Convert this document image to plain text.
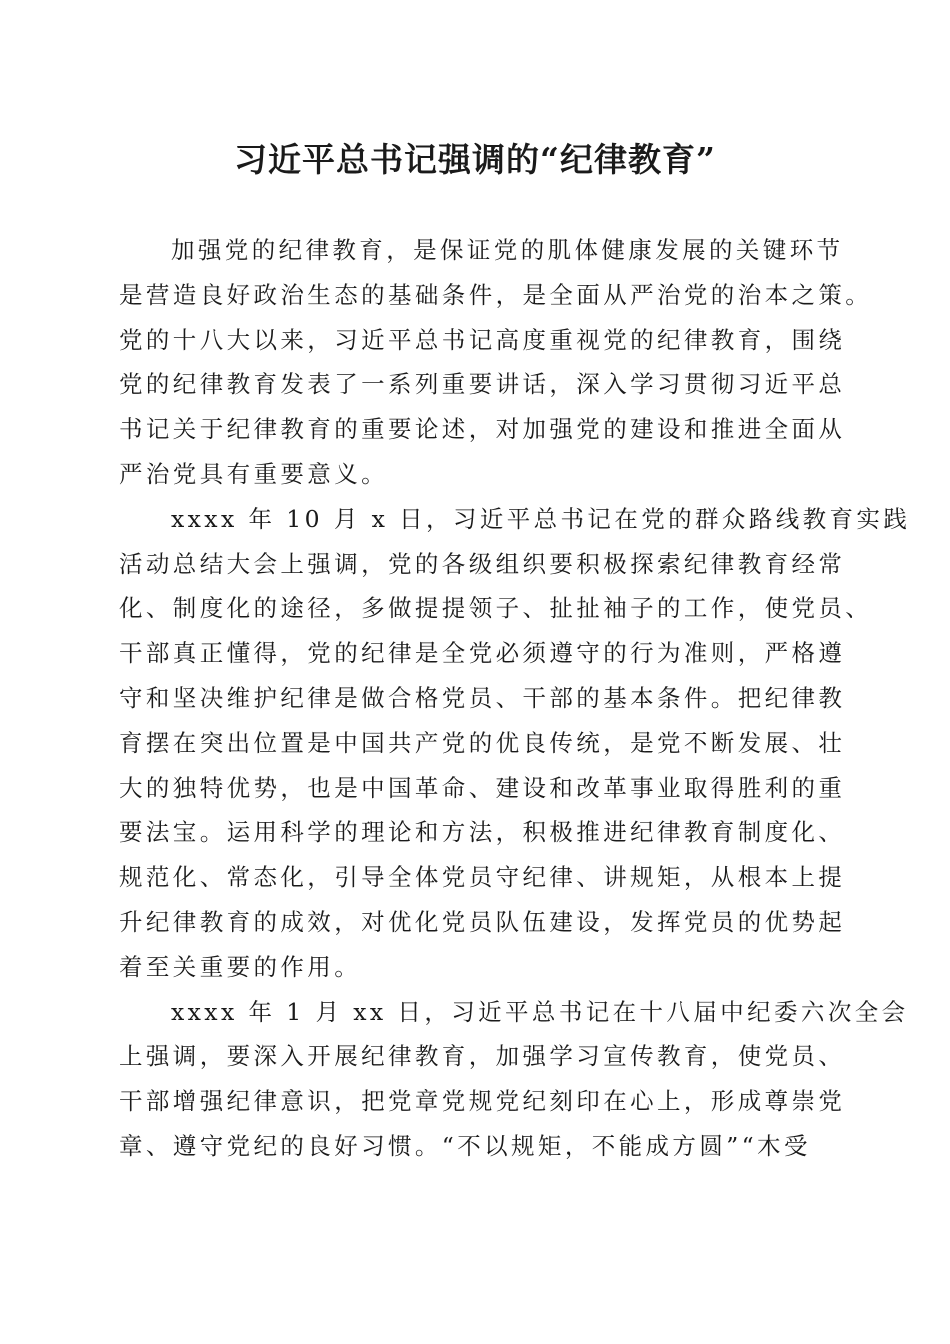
习近平总书记强调的“纪律教育”
加强党的纪律教育，是保证党的肌体健康发展的关键环节
是营造良好政治生态的基础条件，是全面从严治党的治本之策。
党的十八大以来，习近平总书记高度重视党的纪律教育，围绕
党的纪律教育发表了一系列重要讲话，深入学习贯彻习近平总
书记关于纪律教育的重要论述，对加强党的建设和推进全面从
严治党具有重要意义。
xxxx 年 10 月 x 日，习近平总书记在党的群众路线教育实践
活动总结大会上强调，党的各级组织要积极探索纪律教育经常
化、制度化的途径，多做提提领子、扯扯袖子的工作，使党员、
干部真正懂得，党的纪律是全党必须遵守的行为准则，严格遵
守和坚决维护纪律是做合格党员、干部的基本条件。把纪律教
育摆在突出位置是中国共产党的优良传统，是党不断发展、壮
大的独特优势，也是中国革命、建设和改革事业取得胜利的重
要法宝。运用科学的理论和方法，积极推进纪律教育制度化、
规范化、常态化，引导全体党员守纪律、讲规矩，从根本上提
升纪律教育的成效，对优化党员队伍建设，发挥党员的优势起
着至关重要的作用。
xxxx 年 1 月 xx 日，习近平总书记在十八届中纪委六次全会
上强调，要深入开展纪律教育，加强学习宣传教育，使党员、
干部增强纪律意识，把党章党规党纪刻印在心上，形成尊崇党
章、遵守党纪的良好习惯。“不以规矩，不能成方圆”“木受
